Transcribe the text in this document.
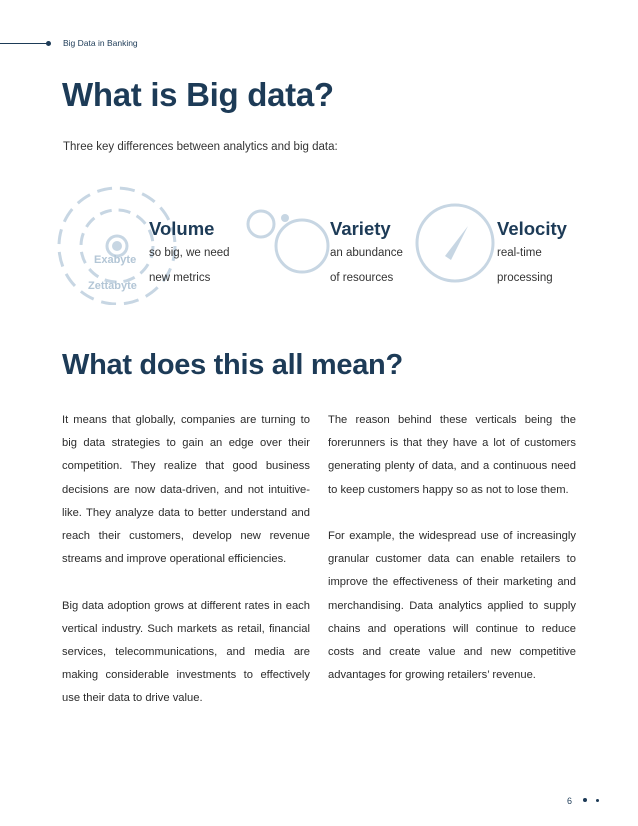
Big Data in Banking
What is Big data?
Three key differences between analytics and big data:
Exabyte
Zettabyte
Volume
so big, we need
new metrics
Variety
an abundance
of resources
Velocity
real-time
processing
What does this all mean?

It means that globally, companies are turning to big data strategies to gain an edge over their competition. They realize that good business decisions are now data-driven, and not intuitive-like. They analyze data to better understand and reach their customers, develop new revenue streams and improve operational efficiencies.

Big data adoption grows at different rates in each vertical industry. Such markets as retail, financial services, telecommunications, and media are making considerable investments to effectively use their data to drive value.

The reason behind these verticals being the forerunners is that they have a lot of customers generating plenty of data, and a continuous need to keep customers happy so as not to lose them.

For example, the widespread use of increasingly granular customer data can enable retailers to improve the effectiveness of their marketing and merchandising. Data analytics applied to supply chains and operations will continue to reduce costs and create value and new competitive advantages for growing retailers’ revenue.

6
